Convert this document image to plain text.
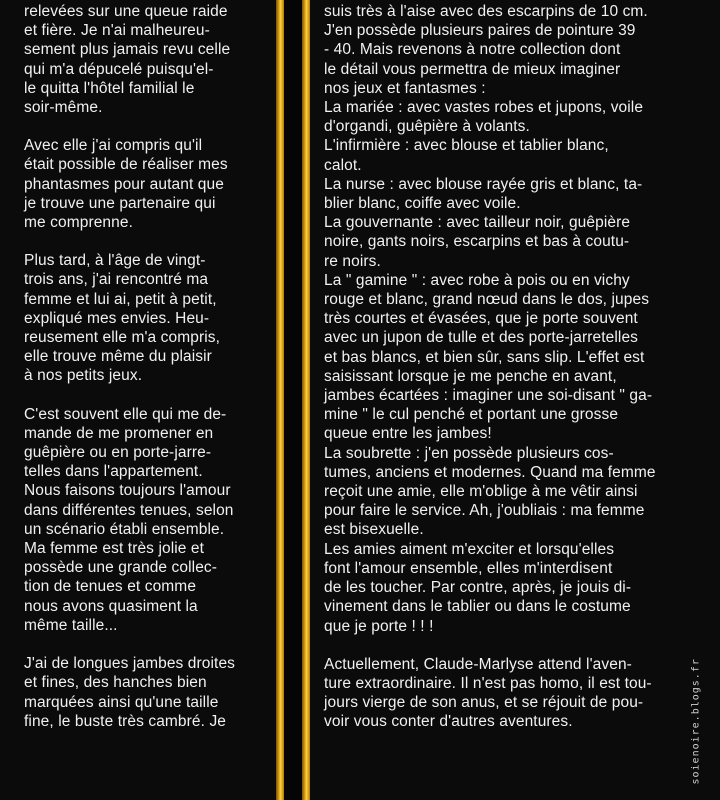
relevées sur une queue raide
et fière. Je n'ai malheureu-
sement plus jamais revu celle
qui m'a dépucelé puisqu'el-
le quitta l'hôtel familial le
soir-même.

Avec elle j'ai compris qu'il
était possible de réaliser mes
phantasmes pour autant que
je trouve une partenaire qui
me comprenne.

Plus tard, à l'âge de vingt-
trois ans, j'ai rencontré ma
femme et lui ai, petit à petit,
expliqué mes envies. Heu-
reusement elle m'a compris,
elle trouve même du plaisir
à nos petits jeux.

C'est souvent elle qui me de-
mande de me promener en
guêpière ou en porte-jarre-
telles dans l'appartement.
Nous faisons toujours l'amour
dans différentes tenues, selon
un scénario établi ensemble.
Ma femme est très jolie et
possède une grande collec-
tion de tenues et comme
nous avons quasiment la
même taille...

J'ai de longues jambes droites
et fines, des hanches bien
marquées ainsi qu'une taille
fine, le buste très cambré. Je

suis très à l'aise avec des escarpins de 10 cm.
J'en possède plusieurs paires de pointure 39
- 40. Mais revenons à notre collection dont
le détail vous permettra de mieux imaginer
nos jeux et fantasmes :
La mariée : avec vastes robes et jupons, voile
d'organdi, guêpière à volants.
L'infirmière : avec blouse et tablier blanc,
calot.
La nurse : avec blouse rayée gris et blanc, ta-
blier blanc, coiffe avec voile.
La gouvernante : avec tailleur noir, guêpière
noire, gants noirs, escarpins et bas à coutu-
re noirs.
La " gamine " : avec robe à pois ou en vichy
rouge et blanc, grand nœud dans le dos, jupes
très courtes et évasées, que je porte souvent
avec un jupon de tulle et des porte-jarretelles
et bas blancs, et bien sûr, sans slip. L'effet est
saisissant lorsque je me penche en avant,
jambes écartées : imaginer une soi-disant " ga-
mine " le cul penché et portant une grosse
queue entre les jambes!
La soubrette : j'en possède plusieurs cos-
tumes, anciens et modernes. Quand ma femme
reçoit une amie, elle m'oblige à me vêtir ainsi
pour faire le service. Ah, j'oubliais : ma femme
est bisexuelle.
Les amies aiment m'exciter et lorsqu'elles
font l'amour ensemble, elles m'interdisent
de les toucher. Par contre, après, je jouis di-
vinement dans le tablier ou dans le costume
que je porte ! ! !

Actuellement, Claude-Marlyse attend l'aven-
ture extraordinaire. Il n'est pas homo, il est tou-
jours vierge de son anus, et se réjouit de pou-
voir vous conter d'autres aventures.	soienoire.blogs.fr
